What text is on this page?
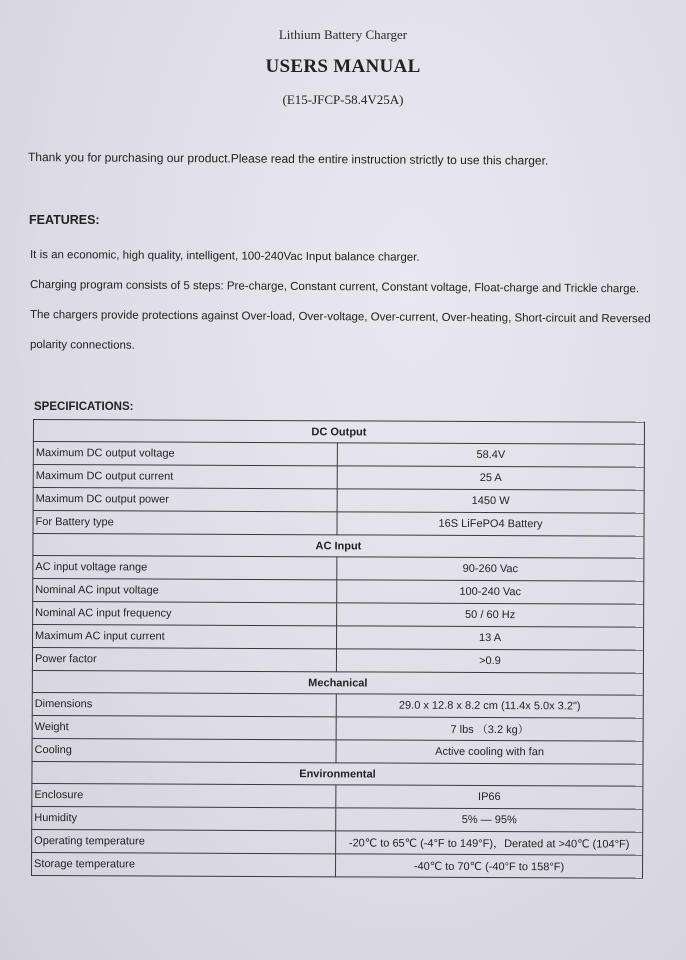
Lithium Battery Charger
USERS MANUAL
(E15-JFCP-58.4V25A)
Thank you for purchasing our product.Please read the entire instruction strictly to use this charger.
FEATURES:
It is an economic, high quality, intelligent, 100-240Vac Input balance charger.
Charging program consists of 5 steps: Pre-charge, Constant current, Constant voltage, Float-charge and Trickle charge.
The chargers provide protections against Over-load, Over-voltage, Over-current, Over-heating, Short-circuit and Reversed
polarity connections.
SPECIFICATIONS:
DC Output	
Maximum DC output voltage	58.4V
Maximum DC output current	25 A
Maximum DC output power	1450 W
For Battery type	16S LiFePO4 Battery
AC Input	
AC input voltage range	90-260 Vac
Nominal AC input voltage	100-240 Vac
Nominal AC input frequency	50 / 60 Hz
Maximum AC input current	13 A
Power factor	>0.9
Mechanical	
Dimensions	29.0 x 12.8 x 8.2 cm (11.4x 5.0x 3.2")
Weight	7 lbs （3.2 kg）
Cooling	Active cooling with fan
Environmental	
Enclosure	IP66
Humidity	5% — 95%
Operating temperature	-20℃ to 65℃ (-4°F to 149°F)，Derated at >40℃ (104°F)
Storage temperature	-40℃ to 70℃ (-40°F to 158°F)
